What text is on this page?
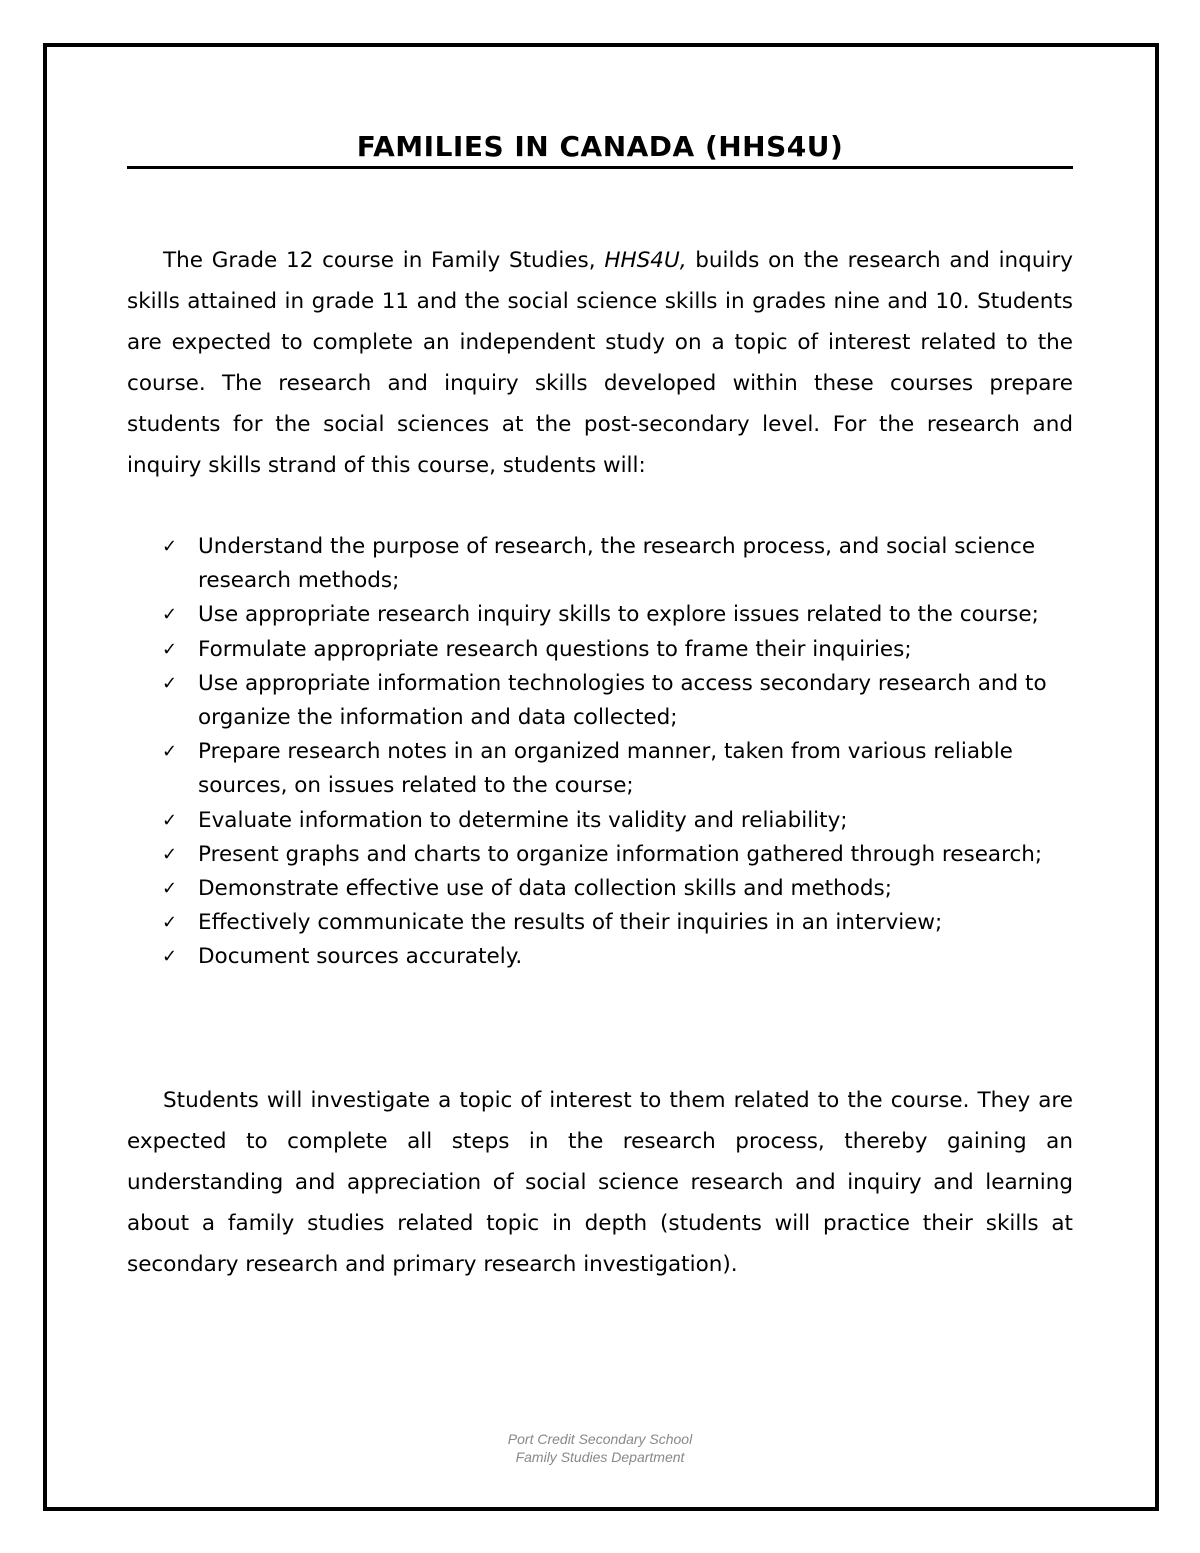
FAMILIES IN CANADA (HHS4U)

The Grade 12 course in Family Studies, HHS4U, builds on the research and inquiry skills attained in grade 11 and the social science skills in grades nine and 10. Students are expected to complete an independent study on a topic of interest related to the course. The research and inquiry skills developed within these courses prepare students for the social sciences at the post-secondary level. For the research and inquiry skills strand of this course, students will:

✓ Understand the purpose of research, the research process, and social science research methods;
✓ Use appropriate research inquiry skills to explore issues related to the course;
✓ Formulate appropriate research questions to frame their inquiries;
✓ Use appropriate information technologies to access secondary research and to organize the information and data collected;
✓ Prepare research notes in an organized manner, taken from various reliable sources, on issues related to the course;
✓ Evaluate information to determine its validity and reliability;
✓ Present graphs and charts to organize information gathered through research;
✓ Demonstrate effective use of data collection skills and methods;
✓ Effectively communicate the results of their inquiries in an interview;
✓ Document sources accurately.

Students will investigate a topic of interest to them related to the course. They are expected to complete all steps in the research process, thereby gaining an understanding and appreciation of social science research and inquiry and learning about a family studies related topic in depth (students will practice their skills at secondary research and primary research investigation).

Port Credit Secondary School
Family Studies Department
